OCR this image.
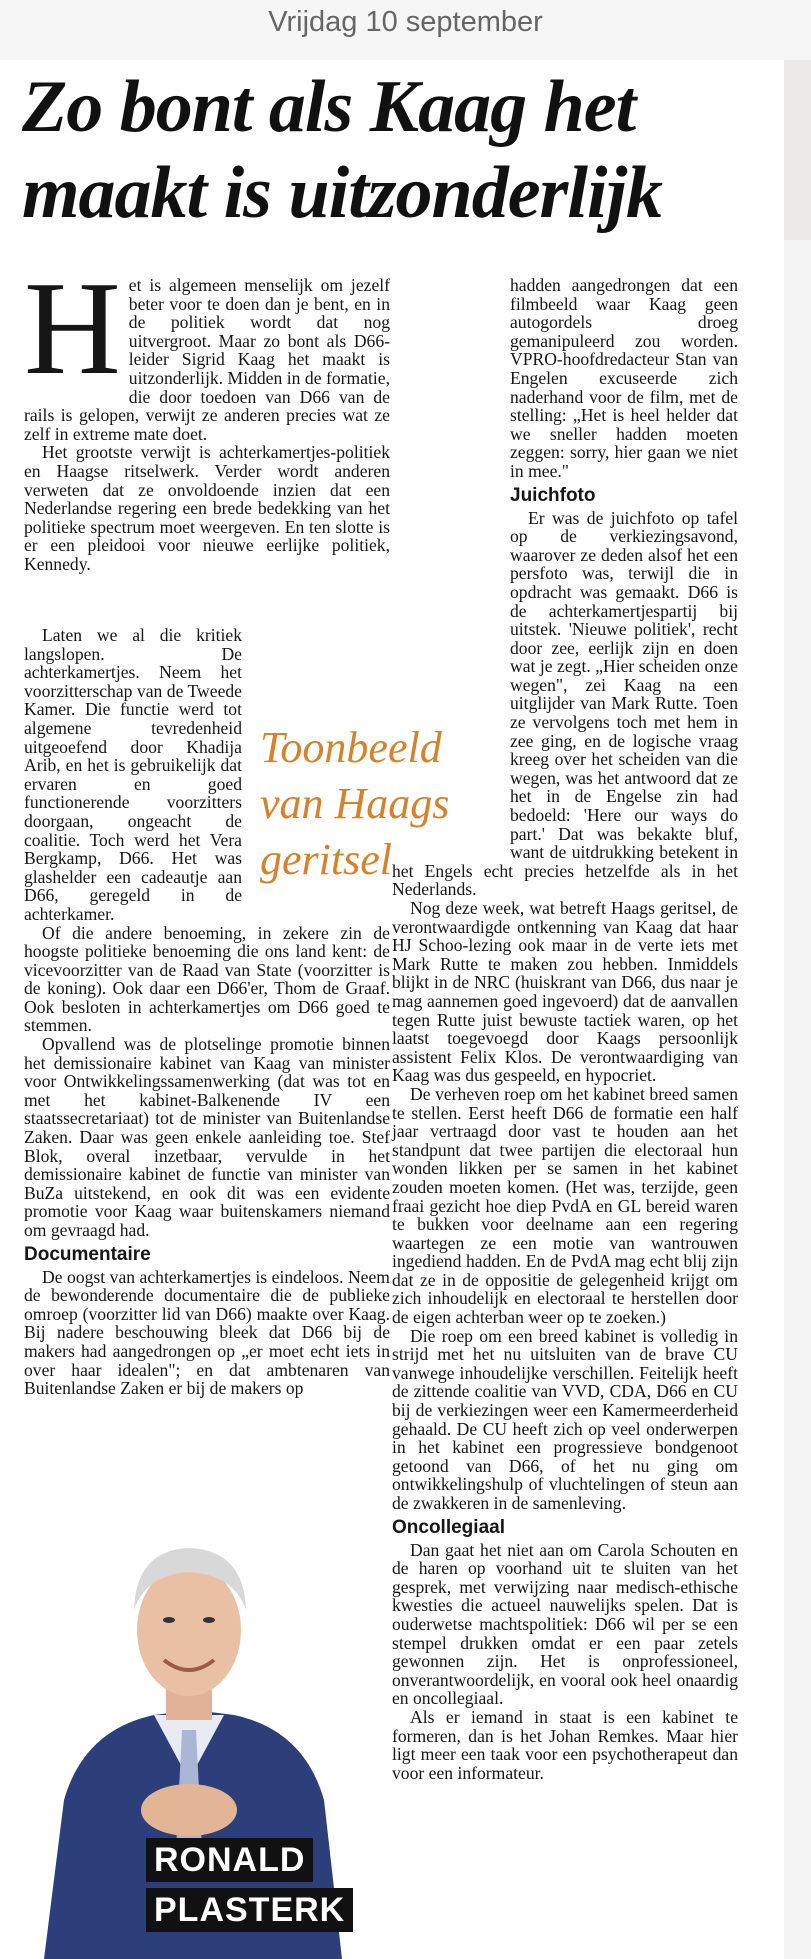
Vrijdag 10 september
Zo bont als Kaag het
maakt is uitzonderlijk

Het is algemeen menselijk om jezelf beter voor te doen dan je bent, en in de politiek wordt dat nog uitvergroot. Maar zo bont als D66-leider Sigrid Kaag het maakt is uitzonderlijk. Midden in de formatie, die door toedoen van D66 van de rails is gelopen, verwijt ze anderen precies wat ze zelf in extreme mate doet.

Het grootste verwijt is achterkamertjes-politiek en Haagse ritselwerk. Verder wordt anderen verweten dat ze onvoldoende inzien dat een Nederlandse regering een brede bedekking van het politieke spectrum moet weergeven. En ten slotte is er een pleidooi voor nieuwe eerlijke politiek, Kennedy.

Laten we al die kritiek langslopen. De achterkamertjes. Neem het voorzitterschap van de Tweede Kamer. Die functie werd tot algemene tevredenheid uitgeoefend door Khadija Arib, en het is gebruikelijk dat ervaren en goed functionerende voorzitters doorgaan, ongeacht de coalitie. Toch werd het Vera Bergkamp, D66. Het was glashelder een cadeautje aan D66, geregeld in de achterkamer.

Of die andere benoeming, in zekere zin de hoogste politieke benoeming die ons land kent: de vicevoorzitter van de Raad van State (voorzitter is de koning). Ook daar een D66'er, Thom de Graaf. Ook besloten in achterkamertjes om D66 goed te stemmen.

Opvallend was de plotselinge promotie binnen het demissionaire kabinet van Kaag van minister voor Ontwikkelingssamenwerking (dat was tot en met het kabinet-Balkenende IV een staatssecretariaat) tot de minister van Buitenlandse Zaken. Daar was geen enkele aanleiding toe. Stef Blok, overal inzetbaar, vervulde in het demissionaire kabinet de functie van minister van BuZa uitstekend, en ook dit was een evidente promotie voor Kaag waar buitenskamers niemand om gevraagd had.

Documentaire

De oogst van achterkamertjes is eindeloos. Neem de bewonderende documentaire die de publieke omroep (voorzitter lid van D66) maakte over Kaag. Bij nadere beschouwing bleek dat D66 bij de makers had aangedrongen op „er moet echt iets in over haar idealen"; en dat ambtenaren van Buitenlandse Zaken er bij de makers op

Toonbeeld
van Haags
geritsel

hadden aangedrongen dat een filmbeeld waar Kaag geen autogordels droeg gemanipuleerd zou worden. VPRO-hoofdredacteur Stan van Engelen excuseerde zich naderhand voor de film, met de stelling: „Het is heel helder dat we sneller hadden moeten zeggen: sorry, hier gaan we niet in mee."

Juichfoto

Er was de juichfoto op tafel op de verkiezingsavond, waarover ze deden alsof het een persfoto was, terwijl die in opdracht was gemaakt. D66 is de achterkamertjespartij bij uitstek. 'Nieuwe politiek', recht door zee, eerlijk zijn en doen wat je zegt. „Hier scheiden onze wegen", zei Kaag na een uitglijder van Mark Rutte. Toen ze vervolgens toch met hem in zee ging, en de logische vraag kreeg over het scheiden van die wegen, was het antwoord dat ze het in de Engelse zin had bedoeld: 'Here our ways do part.' Dat was bekakte bluf, want de uitdrukking betekent in het Engels echt precies hetzelfde als in het Nederlands.

Nog deze week, wat betreft Haags geritsel, de verontwaardigde ontkenning van Kaag dat haar HJ Schoo-lezing ook maar in de verte iets met Mark Rutte te maken zou hebben. Inmiddels blijkt in de NRC (huiskrant van D66, dus naar je mag aannemen goed ingevoerd) dat de aanvallen tegen Rutte juist bewuste tactiek waren, op het laatst toegevoegd door Kaags persoonlijk assistent Felix Klos. De verontwaardiging van Kaag was dus gespeeld, en hypocriet.

De verheven roep om het kabinet breed samen te stellen. Eerst heeft D66 de formatie een half jaar vertraagd door vast te houden aan het standpunt dat twee partijen die electoraal hun wonden likken per se samen in het kabinet zouden moeten komen. (Het was, terzijde, geen fraai gezicht hoe diep PvdA en GL bereid waren te bukken voor deelname aan een regering waartegen ze een motie van wantrouwen ingediend hadden. En de PvdA mag echt blij zijn dat ze in de oppositie de gelegenheid krijgt om zich inhoudelijk en electoraal te herstellen door de eigen achterban weer op te zoeken.)

Die roep om een breed kabinet is volledig in strijd met het nu uitsluiten van de brave CU vanwege inhoudelijke verschillen. Feitelijk heeft de zittende coalitie van VVD, CDA, D66 en CU bij de verkiezingen weer een Kamermeerderheid gehaald. De CU heeft zich op veel onderwerpen in het kabinet een progressieve bondgenoot getoond van D66, of het nu ging om ontwikkelingshulp of vluchtelingen of steun aan de zwakkeren in de samenleving.

Oncollegiaal

Dan gaat het niet aan om Carola Schouten en de haren op voorhand uit te sluiten van het gesprek, met verwijzing naar medisch-ethische kwesties die actueel nauwelijks spelen. Dat is ouderwetse machtspolitiek: D66 wil per se een stempel drukken omdat er een paar zetels gewonnen zijn. Het is onprofessioneel, onverantwoordelijk, en vooral ook heel onaardig en oncollegiaal.

Als er iemand in staat is een kabinet te formeren, dan is het Johan Remkes. Maar hier ligt meer een taak voor een psychotherapeut dan voor een informateur.

RONALD
PLASTERK
